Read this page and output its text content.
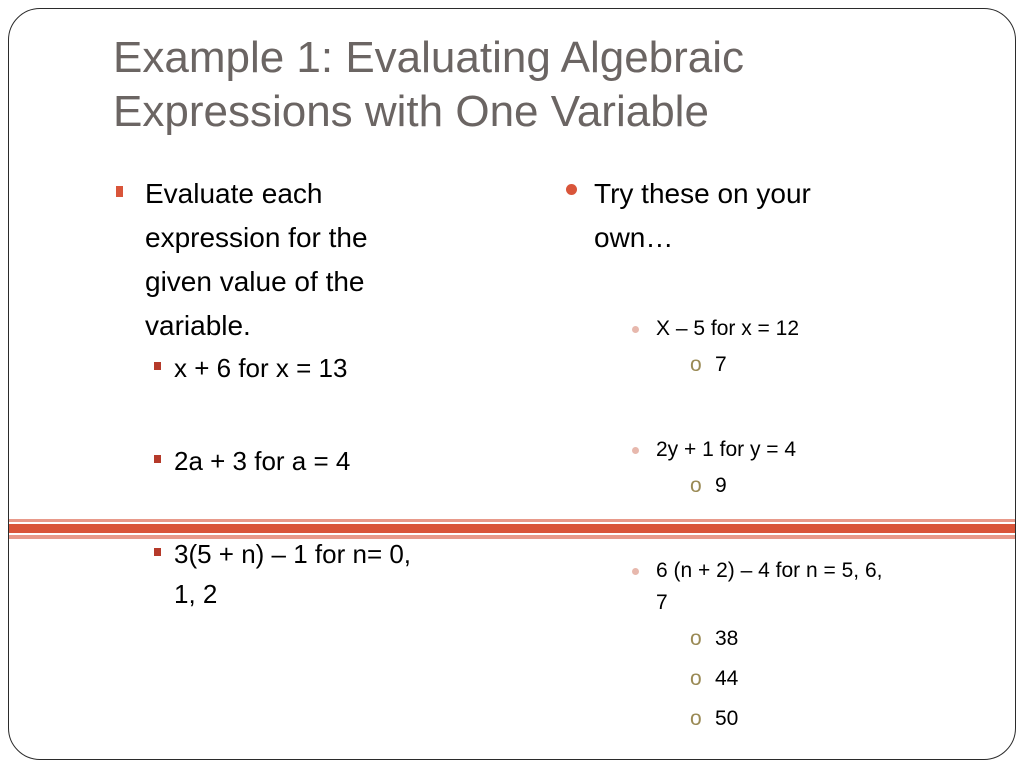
Example 1: Evaluating Algebraic
Expressions with One Variable
Evaluate each
expression for the
given value of the
variable.
x + 6 for x = 13
2a + 3 for a = 4
3(5 + n) – 1 for n= 0,
1, 2
Try these on your
own…
X – 5 for x = 12
o 7
2y + 1 for y = 4
o 9
6 (n + 2) – 4 for n = 5, 6,
7
o 38
o 44
o 50
